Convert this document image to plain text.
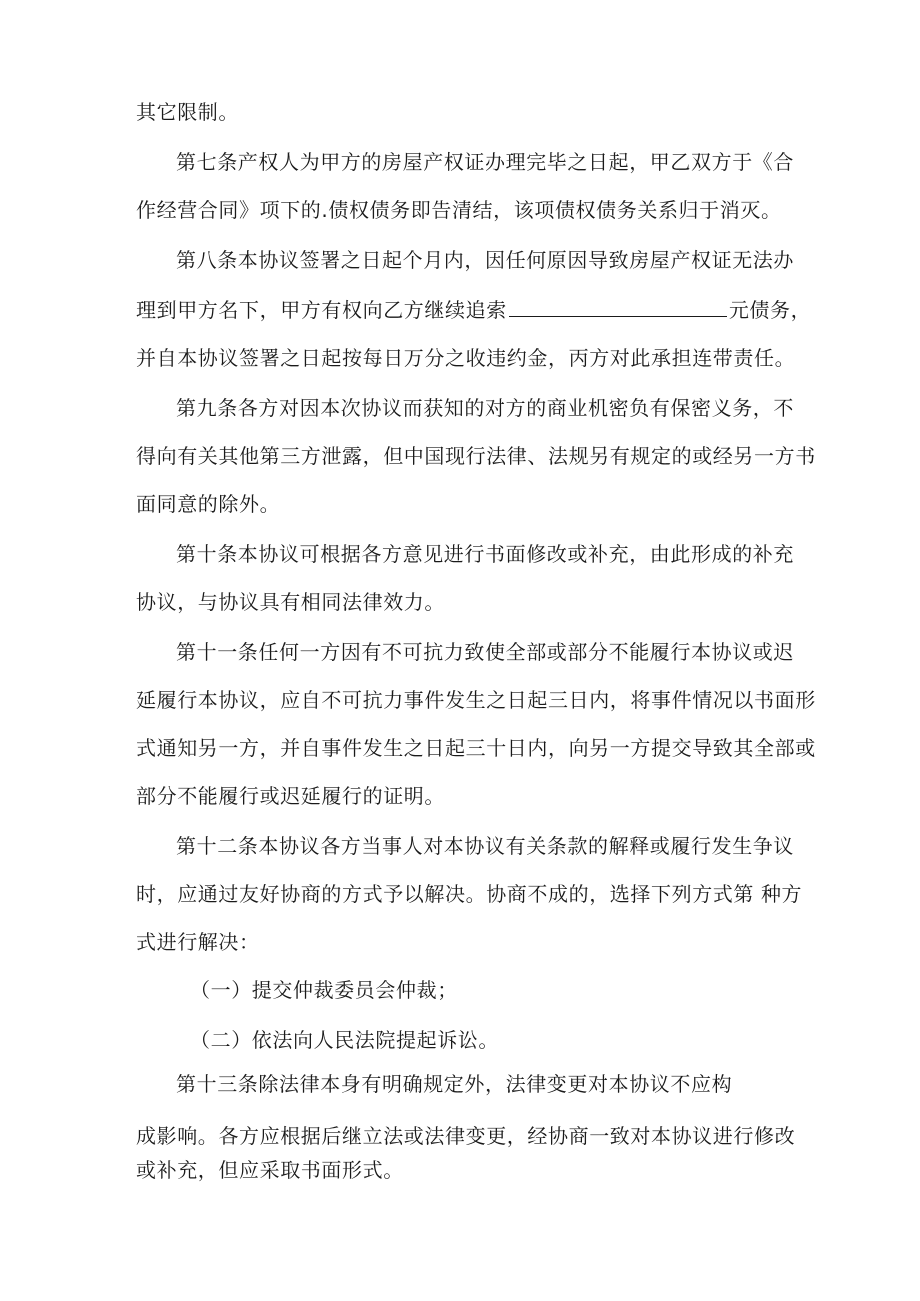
其它限制。
第七条产权人为甲方的房屋产权证办理完毕之日起，甲乙双方于《合
作经营合同》项下的.债权债务即告清结，该项债权债务关系归于消灭。
第八条本协议签署之日起个月内，因任何原因导致房屋产权证无法办
理到甲方名下，甲方有权向乙方继续追索	元债务，
并自本协议签署之日起按每日万分之收违约金，丙方对此承担连带责任。
第九条各方对因本次协议而获知的对方的商业机密负有保密义务，不
得向有关其他第三方泄露，但中国现行法律、法规另有规定的或经另一方书
面同意的除外。
第十条本协议可根据各方意见进行书面修改或补充，由此形成的补充
协议，与协议具有相同法律效力。
第十一条任何一方因有不可抗力致使全部或部分不能履行本协议或迟
延履行本协议，应自不可抗力事件发生之日起三日内，将事件情况以书面形
式通知另一方，并自事件发生之日起三十日内，向另一方提交导致其全部或
部分不能履行或迟延履行的证明。
第十二条本协议各方当事人对本协议有关条款的解释或履行发生争议
时，应通过友好协商的方式予以解决。协商不成的，选择下列方式第 种方
式进行解决：
（一）提交仲裁委员会仲裁；
（二）依法向人民法院提起诉讼。
第十三条除法律本身有明确规定外，法律变更对本协议不应构
成影响。各方应根据后继立法或法律变更，经协商一致对本协议进行修改
或补充，但应采取书面形式。
